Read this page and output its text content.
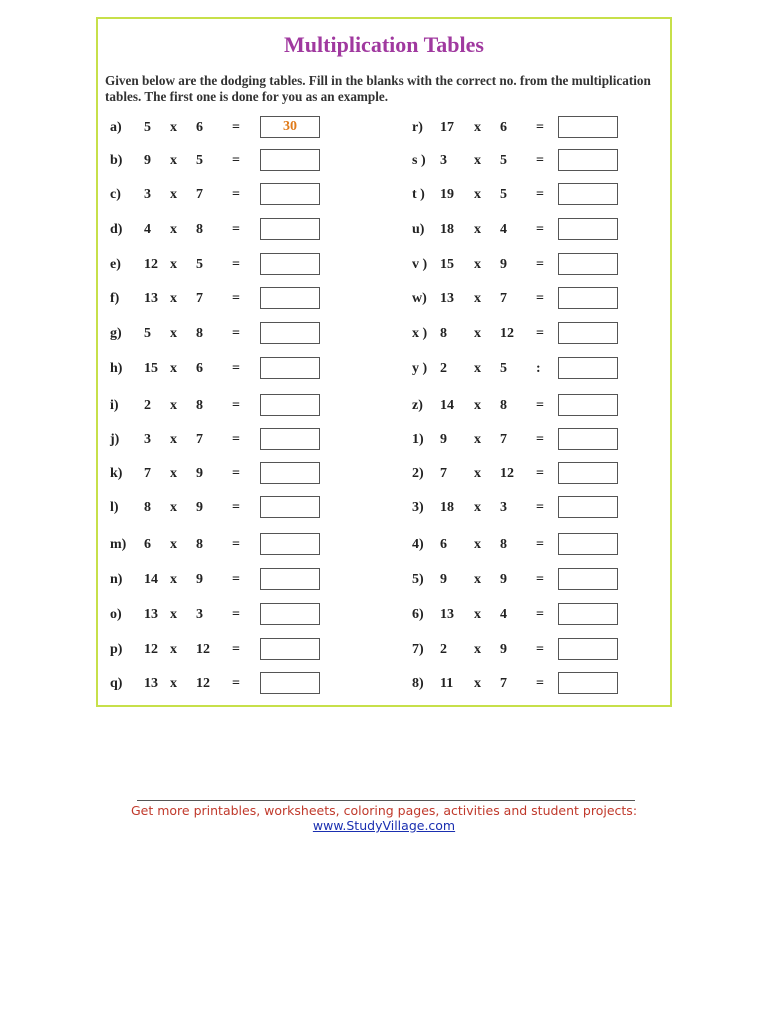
Multiplication Tables
Given below are the dodging tables. Fill in the blanks with the correct no. from the multiplication tables. The first one is done for you as an example.
a) 5 x 6 =	30
b) 9 x 5 =
c) 3 x 7 =
d) 4 x 8 =
e) 12 x 5 =
f) 13 x 7 =
g) 5 x 8 =
h) 15 x 6 =
i) 2 x 8 =
j) 3 x 7 =
k) 7 x 9 =
l) 8 x 9 =
m) 6 x 8 =
n) 14 x 9 =
o) 13 x 3 =
p) 12 x 12 =
q) 13 x 12 =
r) 17 x 6 =
s ) 3 x 5 =
t ) 19 x 5 =
u) 18 x 4 =
v ) 15 x 9 =
w) 13 x 7 =
x ) 8 x 12 =
y ) 2 x 5 :
z) 14 x 8 =
1) 9 x 7 =
2) 7 x 12 =
3) 18 x 3 =
4) 6 x 8 =
5) 9 x 9 =
6) 13 x 4 =
7) 2 x 9 =
8) 11 x 7 =
Get more printables, worksheets, coloring pages, activities and student projects:
www.StudyVillage.com
